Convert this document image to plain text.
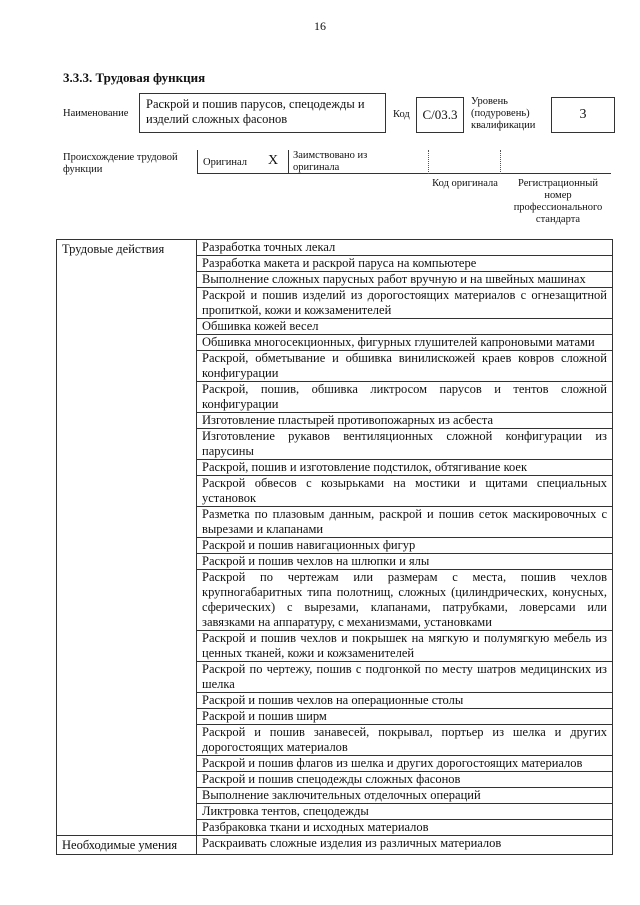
16
3.3.3. Трудовая функция
Наименование
Раскрой и пошив парусов, спецодежды и изделий сложных фасонов	Код С/03.3
Уровень
(подуровень)
квалификации
3
Происхождение трудовой функции
Оригинал X Заимствовано из оригинала
Код оригинала	Регистрационный номер профессионального стандарта
Трудовые действия	Разработка точных лекал
Разработка макета и раскрой паруса на компьютере
Выполнение сложных парусных работ вручную и на швейных машинах
Раскрой и пошив изделий из дорогостоящих материалов с огнезащитной пропиткой, кожи и кожзаменителей
Обшивка кожей весел
Обшивка многосекционных, фигурных глушителей капроновыми матами
Раскрой, обметывание и обшивка винилискожей краев ковров сложной конфигурации
Раскрой, пошив, обшивка ликтросом парусов и тентов сложной конфигурации
Изготовление пластырей противопожарных из асбеста
Изготовление рукавов вентиляционных сложной конфигурации из парусины
Раскрой, пошив и изготовление подстилок, обтягивание коек
Раскрой обвесов с козырьками на мостики и щитами специальных установок
Разметка по плазовым данным, раскрой и пошив сеток маскировочных с вырезами и клапанами
Раскрой и пошив навигационных фигур
Раскрой и пошив чехлов на шлюпки и ялы
Раскрой по чертежам или размерам с места, пошив чехлов крупногабаритных типа полотнищ, сложных (цилиндрических, конусных, сферических) с вырезами, клапанами, патрубками, ловерсами или завязками на аппаратуру, с механизмами, установками
Раскрой и пошив чехлов и покрышек на мягкую и полумягкую мебель из ценных тканей, кожи и кожзаменителей
Раскрой по чертежу, пошив с подгонкой по месту шатров медицинских из шелка
Раскрой и пошив чехлов на операционные столы
Раскрой и пошив ширм
Раскрой и пошив занавесей, покрывал, портьер из шелка и других дорогостоящих материалов
Раскрой и пошив флагов из шелка и других дорогостоящих материалов
Раскрой и пошив спецодежды сложных фасонов
Выполнение заключительных отделочных операций
Ликтровка тентов, спецодежды
Разбраковка ткани и исходных материалов
Необходимые умения	Раскраивать сложные изделия из различных материалов
